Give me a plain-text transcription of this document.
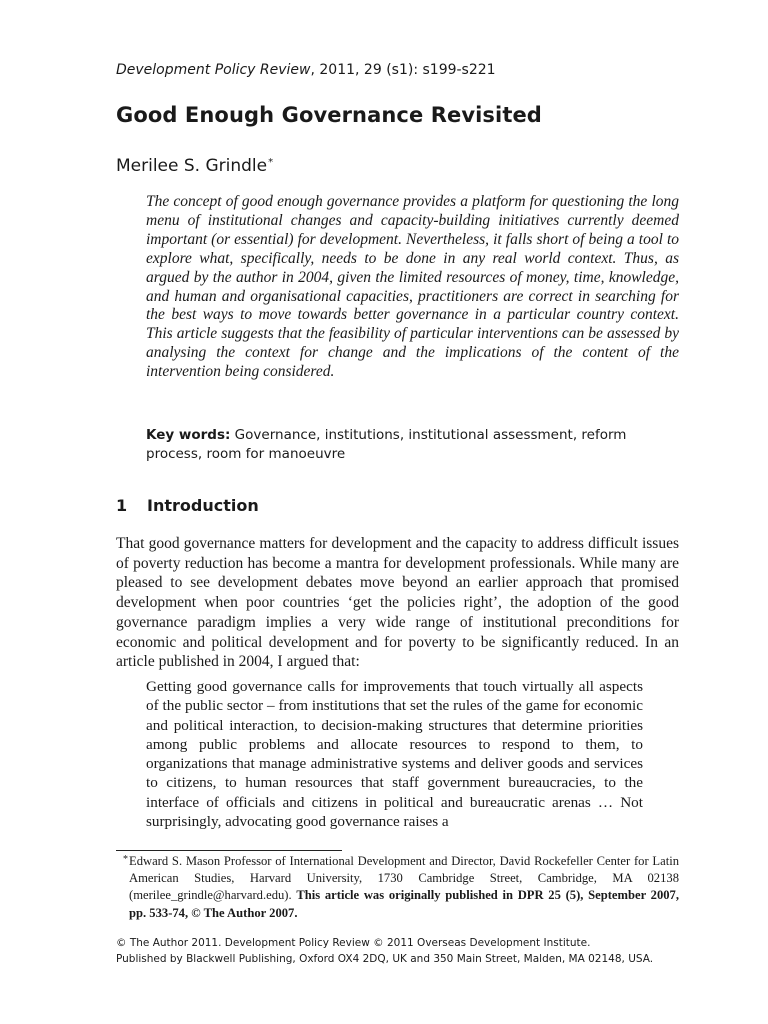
Development Policy Review, 2011, 29 (s1): s199-s221
Good Enough Governance Revisited
Merilee S. Grindle*

The concept of good enough governance provides a platform for questioning the long menu of institutional changes and capacity-building initiatives currently deemed important (or essential) for development. Nevertheless, it falls short of being a tool to explore what, specifically, needs to be done in any real world context. Thus, as argued by the author in 2004, given the limited resources of money, time, knowledge, and human and organisational capacities, practitioners are correct in searching for the best ways to move towards better governance in a particular country context. This article suggests that the feasibility of particular interventions can be assessed by analysing the context for change and the implications of the content of the intervention being considered.

Key words: Governance, institutions, institutional assessment, reform process, room for manoeuvre
1 Introduction

That good governance matters for development and the capacity to address difficult issues of poverty reduction has become a mantra for development professionals. While many are pleased to see development debates move beyond an earlier approach that promised development when poor countries ‘get the policies right’, the adoption of the good governance paradigm implies a very wide range of institutional preconditions for economic and political development and for poverty to be significantly reduced. In an article published in 2004, I argued that:

Getting good governance calls for improvements that touch virtually all aspects of the public sector – from institutions that set the rules of the game for economic and political interaction, to decision-making structures that determine priorities among public problems and allocate resources to respond to them, to organizations that manage administrative systems and deliver goods and services to citizens, to human resources that staff government bureaucracies, to the interface of officials and citizens in political and bureaucratic arenas … Not surprisingly, advocating good governance raises a

* Edward S. Mason Professor of International Development and Director, David Rockefeller Center for Latin American Studies, Harvard University, 1730 Cambridge Street, Cambridge, MA 02138 (merilee_grindle@harvard.edu). This article was originally published in DPR 25 (5), September 2007, pp. 533-74, © The Author 2007.

© The Author 2011. Development Policy Review © 2011 Overseas Development Institute.
Published by Blackwell Publishing, Oxford OX4 2DQ, UK and 350 Main Street, Malden, MA 02148, USA.
